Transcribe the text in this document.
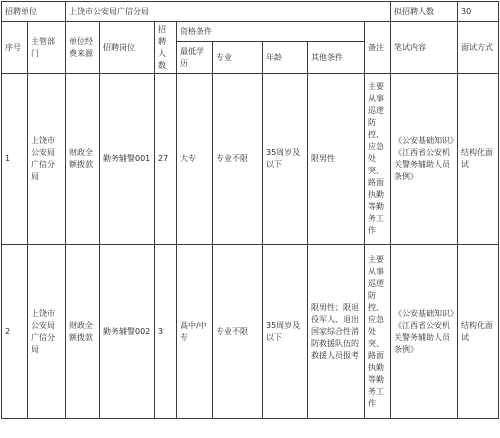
招聘单位		上饶市公安局广信分局								拟招聘人数	30
序号	主管部门	单位经费来源	招聘岗位	招聘人数	资格条件				备注	笔试内容	面试方式
					最低学历	专业	年龄	其他条件			
1	上饶市公安局广信分局	财政全额拨款	勤务辅警001	27	大专	专业不限	35周岁及以下	限男性	主要从事巡逻防控、应急处突、路面执勤等勤务工作	《公安基础知识》《江西省公安机关警务辅助人员条例》	结构化面试
2	上饶市公安局广信分局	财政全额拨款	勤务辅警002	3	高中/中专	专业不限	35周岁及以下	限男性；限退役军人、退出国家综合性消防救援队伍的救援人员报考	主要从事巡逻防控、应急处突、路面执勤等勤务工作	《公安基础知识》《江西省公安机关警务辅助人员条例》	结构化面试
